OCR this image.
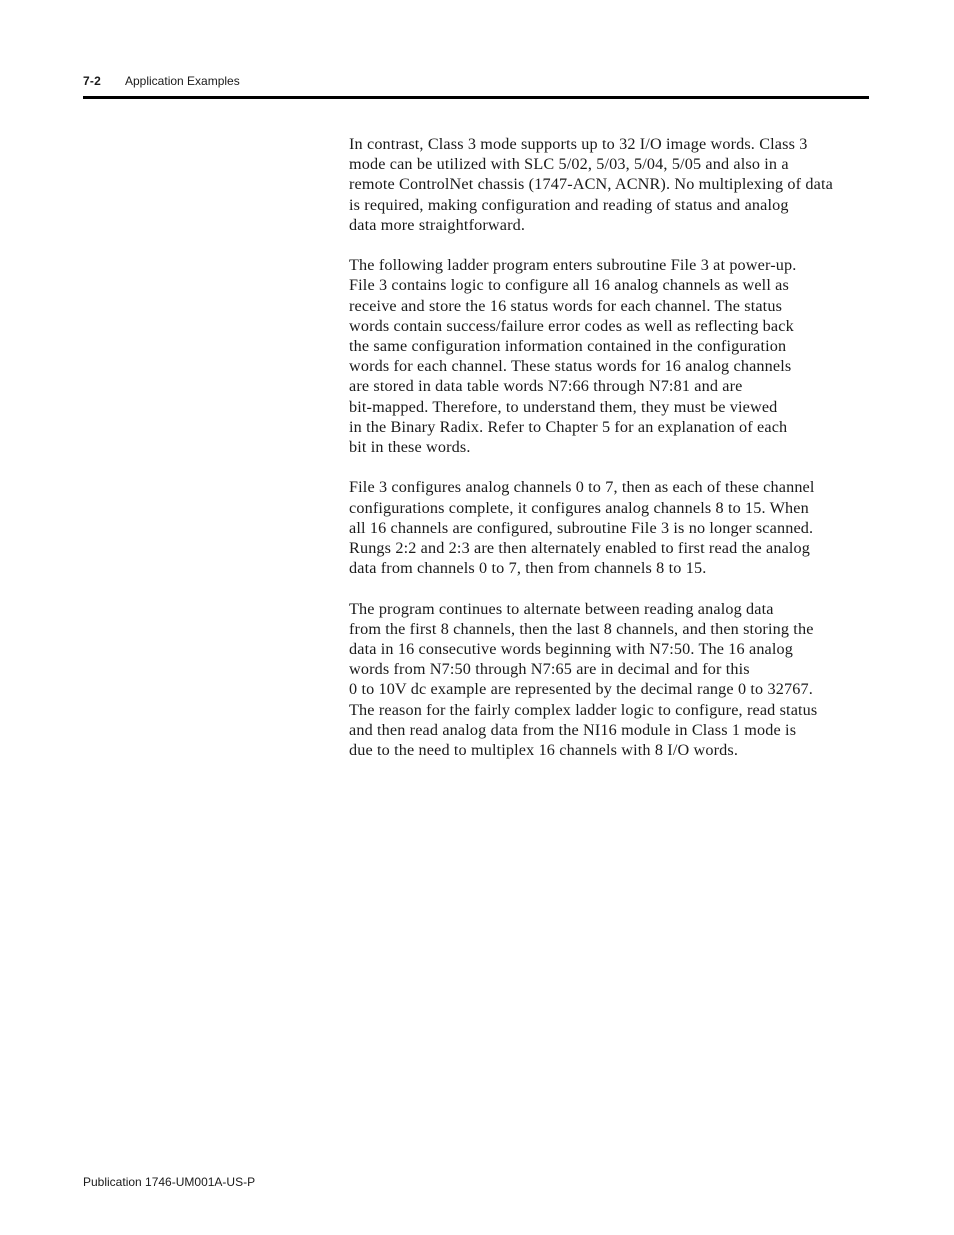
7-2 Application Examples

In contrast, Class 3 mode supports up to 32 I/O image words. Class 3
mode can be utilized with SLC 5/02, 5/03, 5/04, 5/05 and also in a
remote ControlNet chassis (1747-ACN, ACNR). No multiplexing of data
is required, making configuration and reading of status and analog
data more straightforward.

The following ladder program enters subroutine File 3 at power-up.
File 3 contains logic to configure all 16 analog channels as well as
receive and store the 16 status words for each channel. The status
words contain success/failure error codes as well as reflecting back
the same configuration information contained in the configuration
words for each channel. These status words for 16 analog channels
are stored in data table words N7:66 through N7:81 and are
bit-mapped. Therefore, to understand them, they must be viewed
in the Binary Radix. Refer to Chapter 5 for an explanation of each
bit in these words.

File 3 configures analog channels 0 to 7, then as each of these channel
configurations complete, it configures analog channels 8 to 15. When
all 16 channels are configured, subroutine File 3 is no longer scanned.
Rungs 2:2 and 2:3 are then alternately enabled to first read the analog
data from channels 0 to 7, then from channels 8 to 15.

The program continues to alternate between reading analog data
from the first 8 channels, then the last 8 channels, and then storing the
data in 16 consecutive words beginning with N7:50. The 16 analog
words from N7:50 through N7:65 are in decimal and for this
0 to 10V dc example are represented by the decimal range 0 to 32767.
The reason for the fairly complex ladder logic to configure, read status
and then read analog data from the NI16 module in Class 1 mode is
due to the need to multiplex 16 channels with 8 I/O words.

Publication 1746-UM001A-US-P
